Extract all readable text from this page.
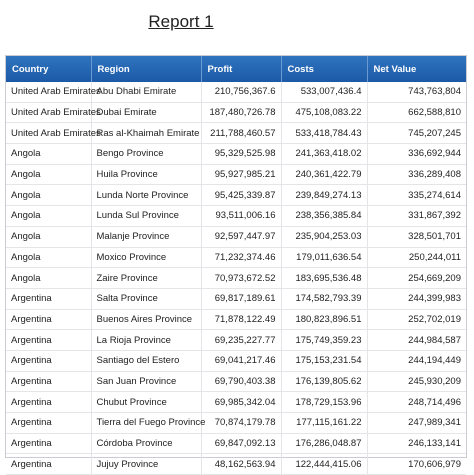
Report 1
Country	Region	Profit	Costs	Net Value
United Arab Emirates	Abu Dhabi Emirate	210,756,367.6	533,007,436.4	743,763,804
United Arab Emirates	Dubai Emirate	187,480,726.78	475,108,083.22	662,588,810
United Arab Emirates	Ras al-Khaimah Emirate	211,788,460.57	533,418,784.43	745,207,245
Angola	Bengo Province	95,329,525.98	241,363,418.02	336,692,944
Angola	Huila Province	95,927,985.21	240,361,422.79	336,289,408
Angola	Lunda Norte Province	95,425,339.87	239,849,274.13	335,274,614
Angola	Lunda Sul Province	93,511,006.16	238,356,385.84	331,867,392
Angola	Malanje Province	92,597,447.97	235,904,253.03	328,501,701
Angola	Moxico Province	71,232,374.46	179,011,636.54	250,244,011
Angola	Zaire Province	70,973,672.52	183,695,536.48	254,669,209
Argentina	Salta Province	69,817,189.61	174,582,793.39	244,399,983
Argentina	Buenos Aires Province	71,878,122.49	180,823,896.51	252,702,019
Argentina	La Rioja Province	69,235,227.77	175,749,359.23	244,984,587
Argentina	Santiago del Estero	69,041,217.46	175,153,231.54	244,194,449
Argentina	San Juan Province	69,790,403.38	176,139,805.62	245,930,209
Argentina	Chubut Province	69,985,342.04	178,729,153.96	248,714,496
Argentina	Tierra del Fuego Province	70,874,179.78	177,115,161.22	247,989,341
Argentina	Córdoba Province	69,847,092.13	176,286,048.87	246,133,141
Argentina	Jujuy Province	48,162,563.94	122,444,415.06	170,606,979
